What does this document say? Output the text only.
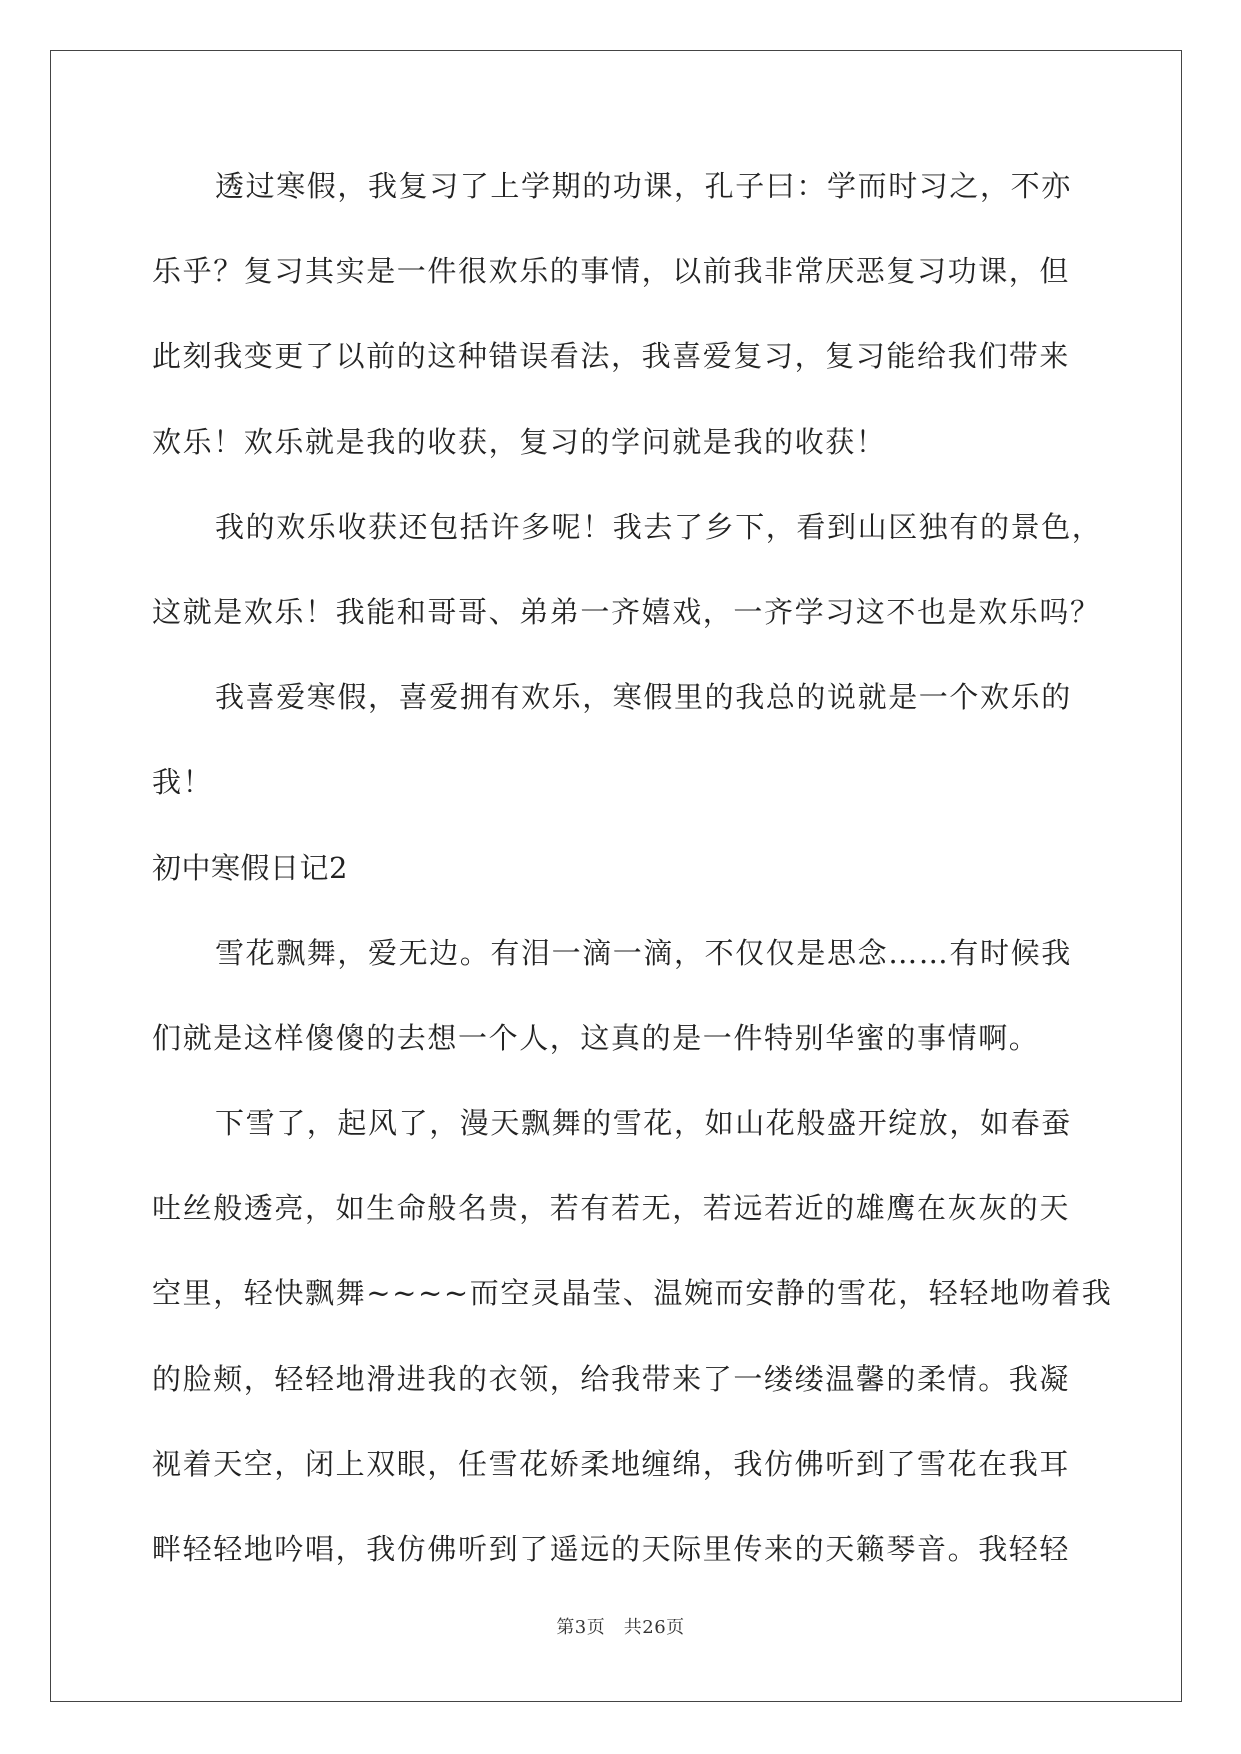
透过寒假，我复习了上学期的功课，孔子曰：学而时习之，不亦
乐乎？复习其实是一件很欢乐的事情，以前我非常厌恶复习功课，但
此刻我变更了以前的这种错误看法，我喜爱复习，复习能给我们带来
欢乐！欢乐就是我的收获，复习的学问就是我的收获！
我的欢乐收获还包括许多呢！我去了乡下，看到山区独有的景色，
这就是欢乐！我能和哥哥、弟弟一齐嬉戏，一齐学习这不也是欢乐吗？
我喜爱寒假，喜爱拥有欢乐，寒假里的我总的说就是一个欢乐的
我！
初中寒假日记2
雪花飘舞，爱无边。有泪一滴一滴，不仅仅是思念……有时候我
们就是这样傻傻的去想一个人，这真的是一件特别华蜜的事情啊。
下雪了，起风了，漫天飘舞的雪花，如山花般盛开绽放，如春蚕
吐丝般透亮，如生命般名贵，若有若无，若远若近的雄鹰在灰灰的天
空里，轻快飘舞~~~~而空灵晶莹、温婉而安静的雪花，轻轻地吻着我
的脸颊，轻轻地滑进我的衣领，给我带来了一缕缕温馨的柔情。我凝
视着天空，闭上双眼，任雪花娇柔地缠绵，我仿佛听到了雪花在我耳
畔轻轻地吟唱，我仿佛听到了遥远的天际里传来的天籁琴音。我轻轻
第3页　共26页
